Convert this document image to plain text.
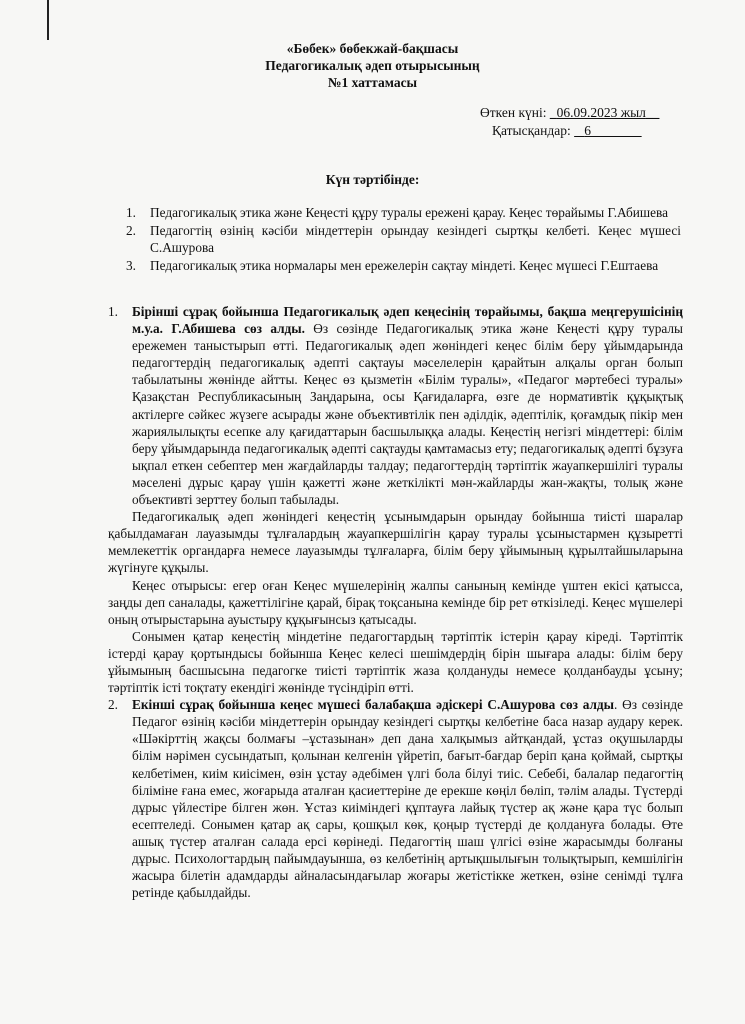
«Бөбек» бөбекжай-бақшасы
Педагогикалық әдеп отырысының
№1 хаттамасы
Өткен күні: _06.09.2023 жыл__
Қатысқандар: 6
Күн тәртібінде:
1. Педагогикалық этика және Кеңесті құру туралы ережені қарау. Кеңес төрайымы Г.Абишева
2. Педагогтің өзінің кәсіби міндеттерін орындау кезіндегі сыртқы келбеті. Кеңес мүшесі С.Ашурова
3. Педагогикалық этика нормалары мен ережелерін сақтау міндеті. Кеңес мүшесі Г.Ештаева
1. Бірінші сұрақ бойынша Педагогикалық әдеп кеңесінің төрайымы, бақша меңгерушісінің м.у.а. Г.Абишева сөз алды. Өз сөзінде Педагогикалық этика және Кеңесті құру туралы ережемен таныстырып өтті. Педагогикалық әдеп жөніндегі кеңес білім беру ұйымдарында педагогтердің педагогикалық әдепті сақтауы мәселелерін қарайтын алқалы орган болып табылатыны жөнінде айтты. Кеңес өз қызметін «Білім туралы», «Педагог мәртебесі туралы» Қазақстан Республикасының Заңдарына, осы Қағидаларға, өзге де нормативтік құқықтық актілерге сәйкес жүзеге асырады және объективтілік пен әділдік, әдептілік, қоғамдық пікір мен жариялылықты есепке алу қағидаттарын басшылыққа алады. Кеңестің негізгі міндеттері: білім беру ұйымдарында педагогикалық әдепті сақтауды қамтамасыз ету; педагогикалық әдепті бұзуға ықпал еткен себептер мен жағдайларды талдау; педагогтердің тәртіптік жауапкершілігі туралы мәселені дұрыс қарау үшін қажетті және жеткілікті мән-жайларды жан-жақты, толық және объективті зерттеу болып табылады.

Педагогикалық әдеп жөніндегі кеңестің ұсынымдарын орындау бойынша тиісті шаралар қабылдамаған лауазымды тұлғалардың жауапкершілігін қарау туралы ұсыныстармен құзыретті мемлекеттік органдарға немесе лауазымды тұлғаларға, білім беру ұйымының құрылтайшыларына жүгінуге құқылы.

Кеңес отырысы: егер оған Кеңес мүшелерінің жалпы санының кемінде үштен екісі қатысса, заңды деп саналады, қажеттілігіне қарай, бірақ тоқсанына кемінде бір рет өткізіледі. Кеңес мүшелері оның отырыстарына ауыстыру құқығынсыз қатысады.

Сонымен қатар кеңестің міндетіне педагогтардың тәртіптік істерін қарау кіреді. Тәртіптік істерді қарау қортындысы бойынша Кеңес келесі шешімдердің бірін шығара алады: білім беру ұйымының басшысына педагогке тиісті тәртіптік жаза қолдануды немесе қолданбауды ұсыну; тәртіптік істі тоқтату екендігі жөнінде түсіндіріп өтті.

2. Екінші сұрақ бойынша кеңес мүшесі балабақша әдіскері С.Ашурова сөз алды. Өз сөзінде Педагог өзінің кәсіби міндеттерін орындау кезіндегі сыртқы келбетіне баса назар аудару керек. «Шәкірттің жақсы болмағы –ұстазынан» деп дана халқымыз айтқандай, ұстаз оқушыларды білім нәрімен сусындатып, қолынан келгенін үйретіп, бағыт-бағдар беріп қана қоймай, сыртқы келбетімен, киім киісімен, өзін ұстау әдебімен үлгі бола білуі тиіс. Себебі, балалар педагогтің біліміне ғана емес, жоғарыда аталған қасиеттеріне де ерекше көңіл бөліп, тәлім алады. Түстерді дұрыс үйлестіре білген жөн. Ұстаз киіміндегі құптауға лайық түстер ақ және қара түс болып есептеледі. Сонымен қатар ақ сары, қошқыл көк, қоңыр түстерді де қолдануға болады. Өте ашық түстер аталған салада ерсі көрінеді. Педагогтің шаш үлгісі өзіне жарасымды болғаны дұрыс. Психологтардың пайымдауынша, өз келбетінің артықшылығын толықтырып, кемшілігін жасыра білетін адамдарды айналасындағылар жоғары жетістікке жеткен, өзіне сенімді тұлға ретінде қабылдайды.
